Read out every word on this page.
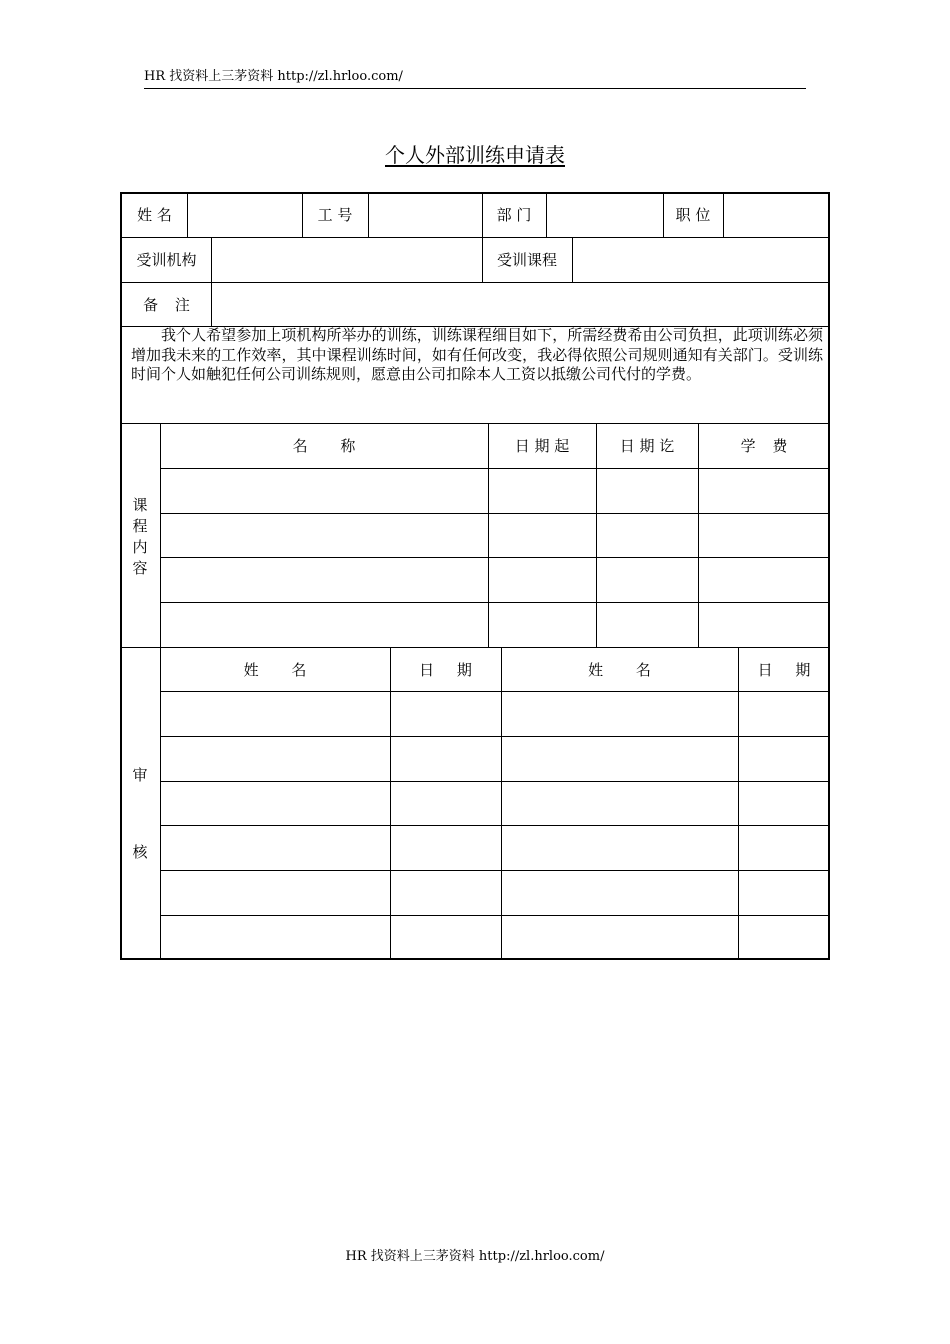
HR 找资料上三茅资料 http://zl.hrloo.com/
个人外部训练申请表
姓 名	工 号	部 门	职 位
受训机构	受训课程
备 注
我个人希望参加上项机构所举办的训练，训练课程细目如下，所需经费希由公司负担，此项训练必须增加我未来的工作效率，其中课程训练时间，如有任何改变，我必得依照公司规则通知有关部门。受训练时间个人如触犯任何公司训练规则，愿意由公司扣除本人工资以抵缴公司代付的学费。
课程内容
名 称	日 期 起	日 期 讫	学 费
审
核
姓 名	日 期	姓 名	日 期
HR 找资料上三茅资料 http://zl.hrloo.com/
